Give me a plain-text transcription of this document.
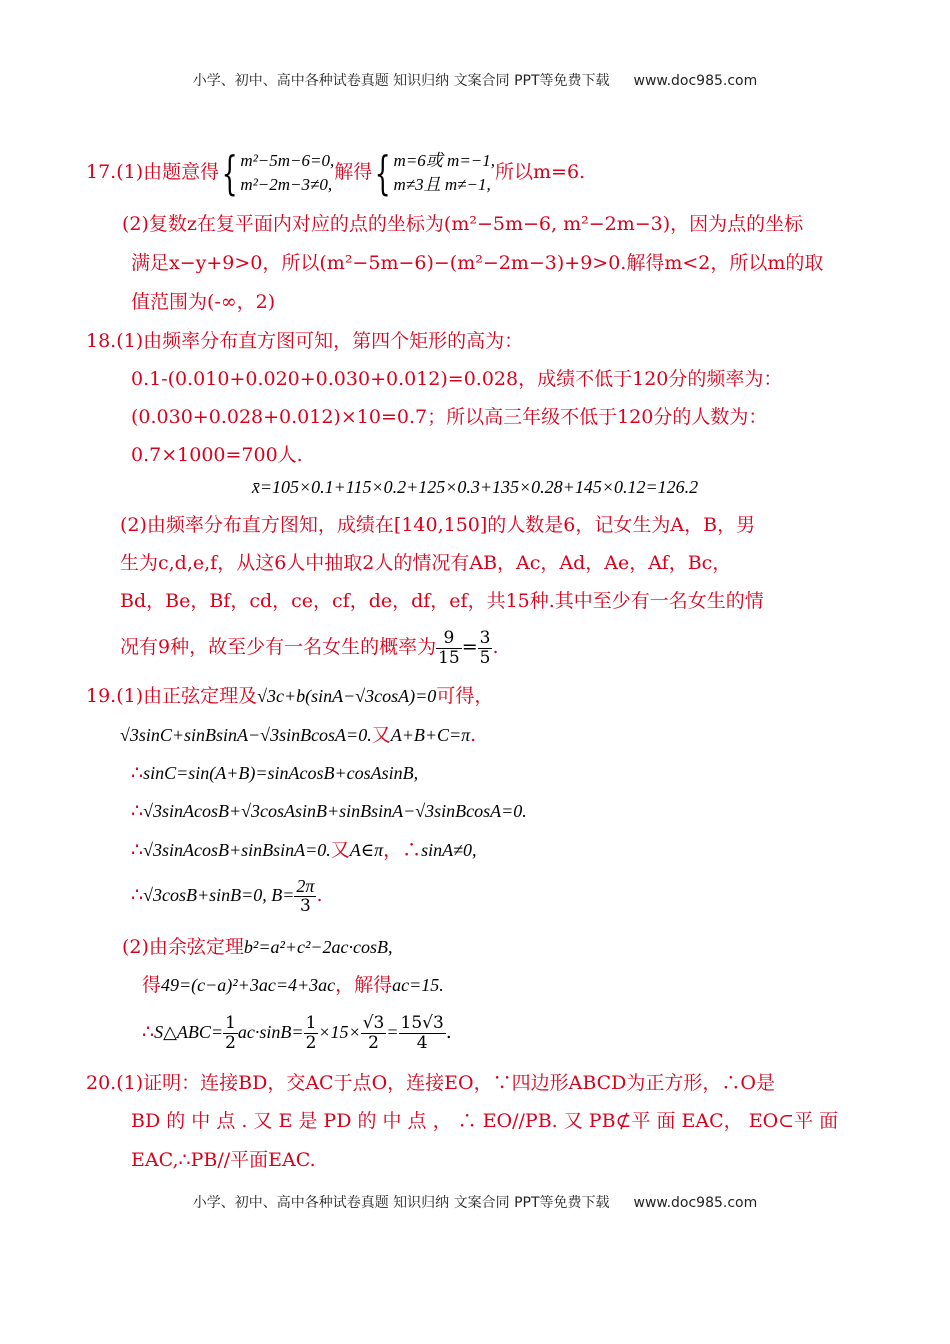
小学、初中、高中各种试卷真题 知识归纳 文案合同 PPT等免费下载 www.doc985.com
17.(1)由题意得{ m²−5m−6=0,
m²−2m−3≠0,
解得{ m=6或 m=−1,
m≠3且 m≠−1,
所以m=6.
(2)复数z在复平面内对应的点的坐标为(m²−5m−6, m²−2m−3)，因为点的坐标
满足x−y+9>0，所以(m²−5m−6)−(m²−2m−3)+9>0.解得m<2，所以m的取
值范围为(-∞，2)
18.(1)由频率分布直方图可知，第四个矩形的高为：
0.1-(0.010+0.020+0.030+0.012)=0.028，成绩不低于120分的频率为：
(0.030+0.028+0.012)×10=0.7；所以高三年级不低于120分的人数为：
0.7×1000=700人.
x̄=105×0.1+115×0.2+125×0.3+135×0.28+145×0.12=126.2
(2)由频率分布直方图知，成绩在[140,150]的人数是6，记女生为A，B，男
生为c,d,e,f，从这6人中抽取2人的情况有AB，Ac，Ad，Ae，Af，Bc，
Bd，Be，Bf，cd，ce，cf，de，df，ef，共15种.其中至少有一名女生的情
况有9种，故至少有一名女生的概率为 $\frac{9}{15} = \frac{3}{5}$ .
19.(1)由正弦定理及√3c+b(sinA−√3cosA)=0可得，
√3sinC+sinBsinA−√3sinBcosA=0.又A+B+C=π.
∴sinC=sin(A+B)=sinAcosB+cosAsinB,
∴√3sinAcosB+√3cosAsinB+sinBsinA−√3sinBcosA=0.
∴√3sinAcosB+sinBsinA=0.又A∈π，∴sinA≠0,
∴√3cosB+sinB=0, $B= \frac{2\pi}{3}$ .
(2)由余弦定理b²=a²+c²−2ac·cosB,
得49=(c−a)²+3ac=4+3ac，解得ac=15.
∴S△ABC= $\frac{1}{2} ac\cdot\sin B= \frac{1}{2} \times 15\times \frac{√3}{2} = \frac{15√3}{4}$ .
20.(1)证明：连接BD，交AC于点O，连接EO，∵四边形ABCD为正方形，∴O是
BD 的 中 点 . 又 E 是 PD 的 中 点 ， ∴ EO//PB. 又 PB⊄平 面 EAC， EO⊂平 面
EAC,∴PB//平面EAC.
小学、初中、高中各种试卷真题 知识归纳 文案合同 PPT等免费下载 www.doc985.com
